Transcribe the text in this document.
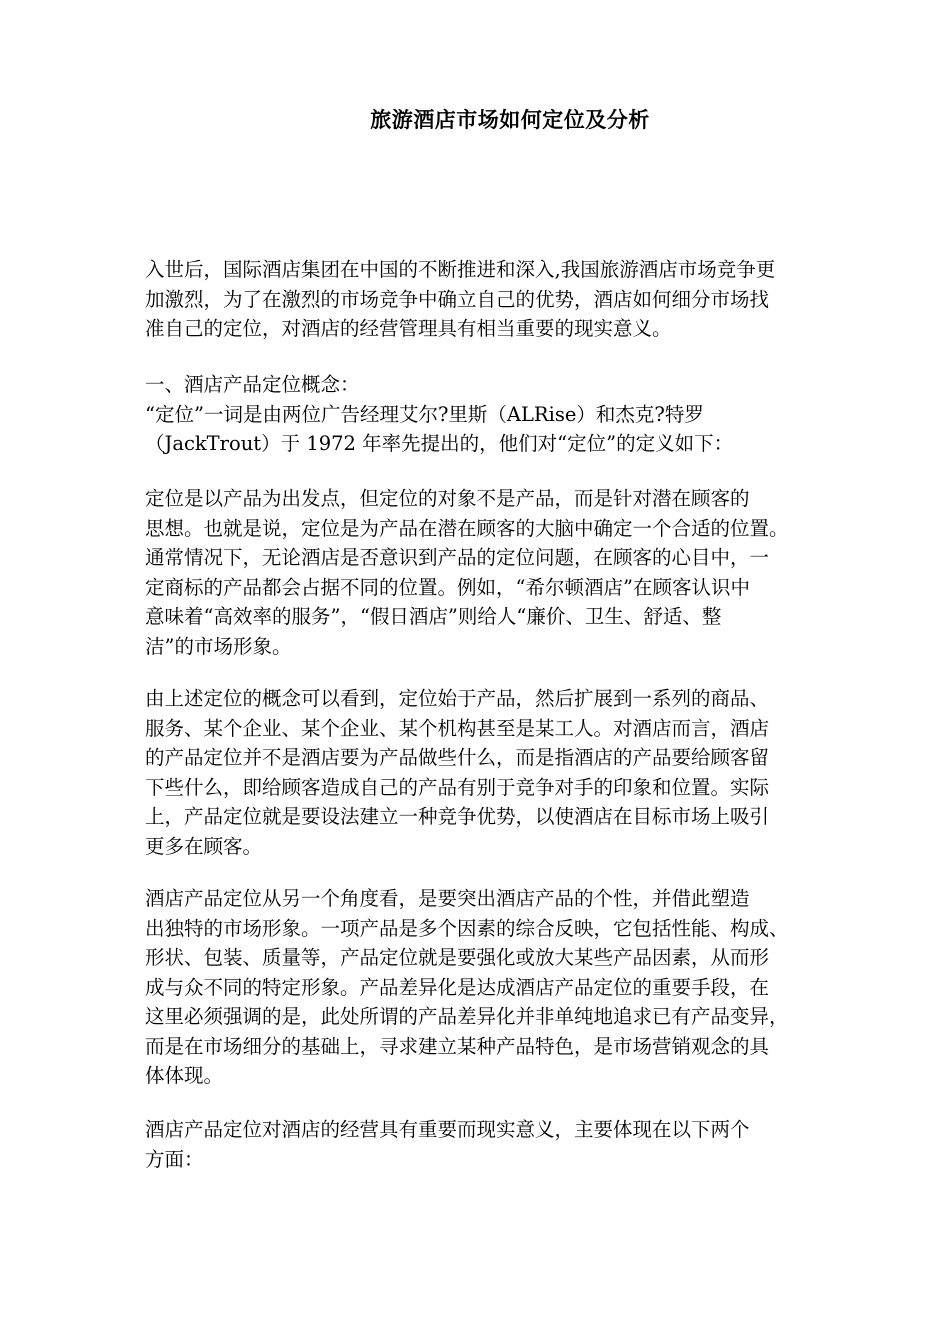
旅游酒店市场如何定位及分析
入世后，国际酒店集团在中国的不断推进和深入,我国旅游酒店市场竞争更
加激烈，为了在激烈的市场竞争中确立自己的优势，酒店如何细分市场找
准自己的定位，对酒店的经营管理具有相当重要的现实意义。
一、酒店产品定位概念：
“定位”一词是由两位广告经理艾尔?里斯（ALRise）和杰克?特罗
（JackTrout）于 1972 年率先提出的，他们对“定位”的定义如下：
定位是以产品为出发点，但定位的对象不是产品，而是针对潜在顾客的
思想。也就是说，定位是为产品在潜在顾客的大脑中确定一个合适的位置。
通常情况下，无论酒店是否意识到产品的定位问题，在顾客的心目中，一
定商标的产品都会占据不同的位置。例如，“希尔顿酒店”在顾客认识中
意味着“高效率的服务”，“假日酒店”则给人“廉价、卫生、舒适、整
洁”的市场形象。
由上述定位的概念可以看到，定位始于产品，然后扩展到一系列的商品、
服务、某个企业、某个企业、某个机构甚至是某工人。对酒店而言，酒店
的产品定位并不是酒店要为产品做些什么，而是指酒店的产品要给顾客留
下些什么，即给顾客造成自己的产品有别于竞争对手的印象和位置。实际
上，产品定位就是要设法建立一种竞争优势，以使酒店在目标市场上吸引
更多在顾客。
酒店产品定位从另一个角度看，是要突出酒店产品的个性，并借此塑造
出独特的市场形象。一项产品是多个因素的综合反映，它包括性能、构成、
形状、包装、质量等，产品定位就是要强化或放大某些产品因素，从而形
成与众不同的特定形象。产品差异化是达成酒店产品定位的重要手段，在
这里必须强调的是，此处所谓的产品差异化并非单纯地追求已有产品变异，
而是在市场细分的基础上，寻求建立某种产品特色，是市场营销观念的具
体体现。
酒店产品定位对酒店的经营具有重要而现实意义，主要体现在以下两个
方面：
